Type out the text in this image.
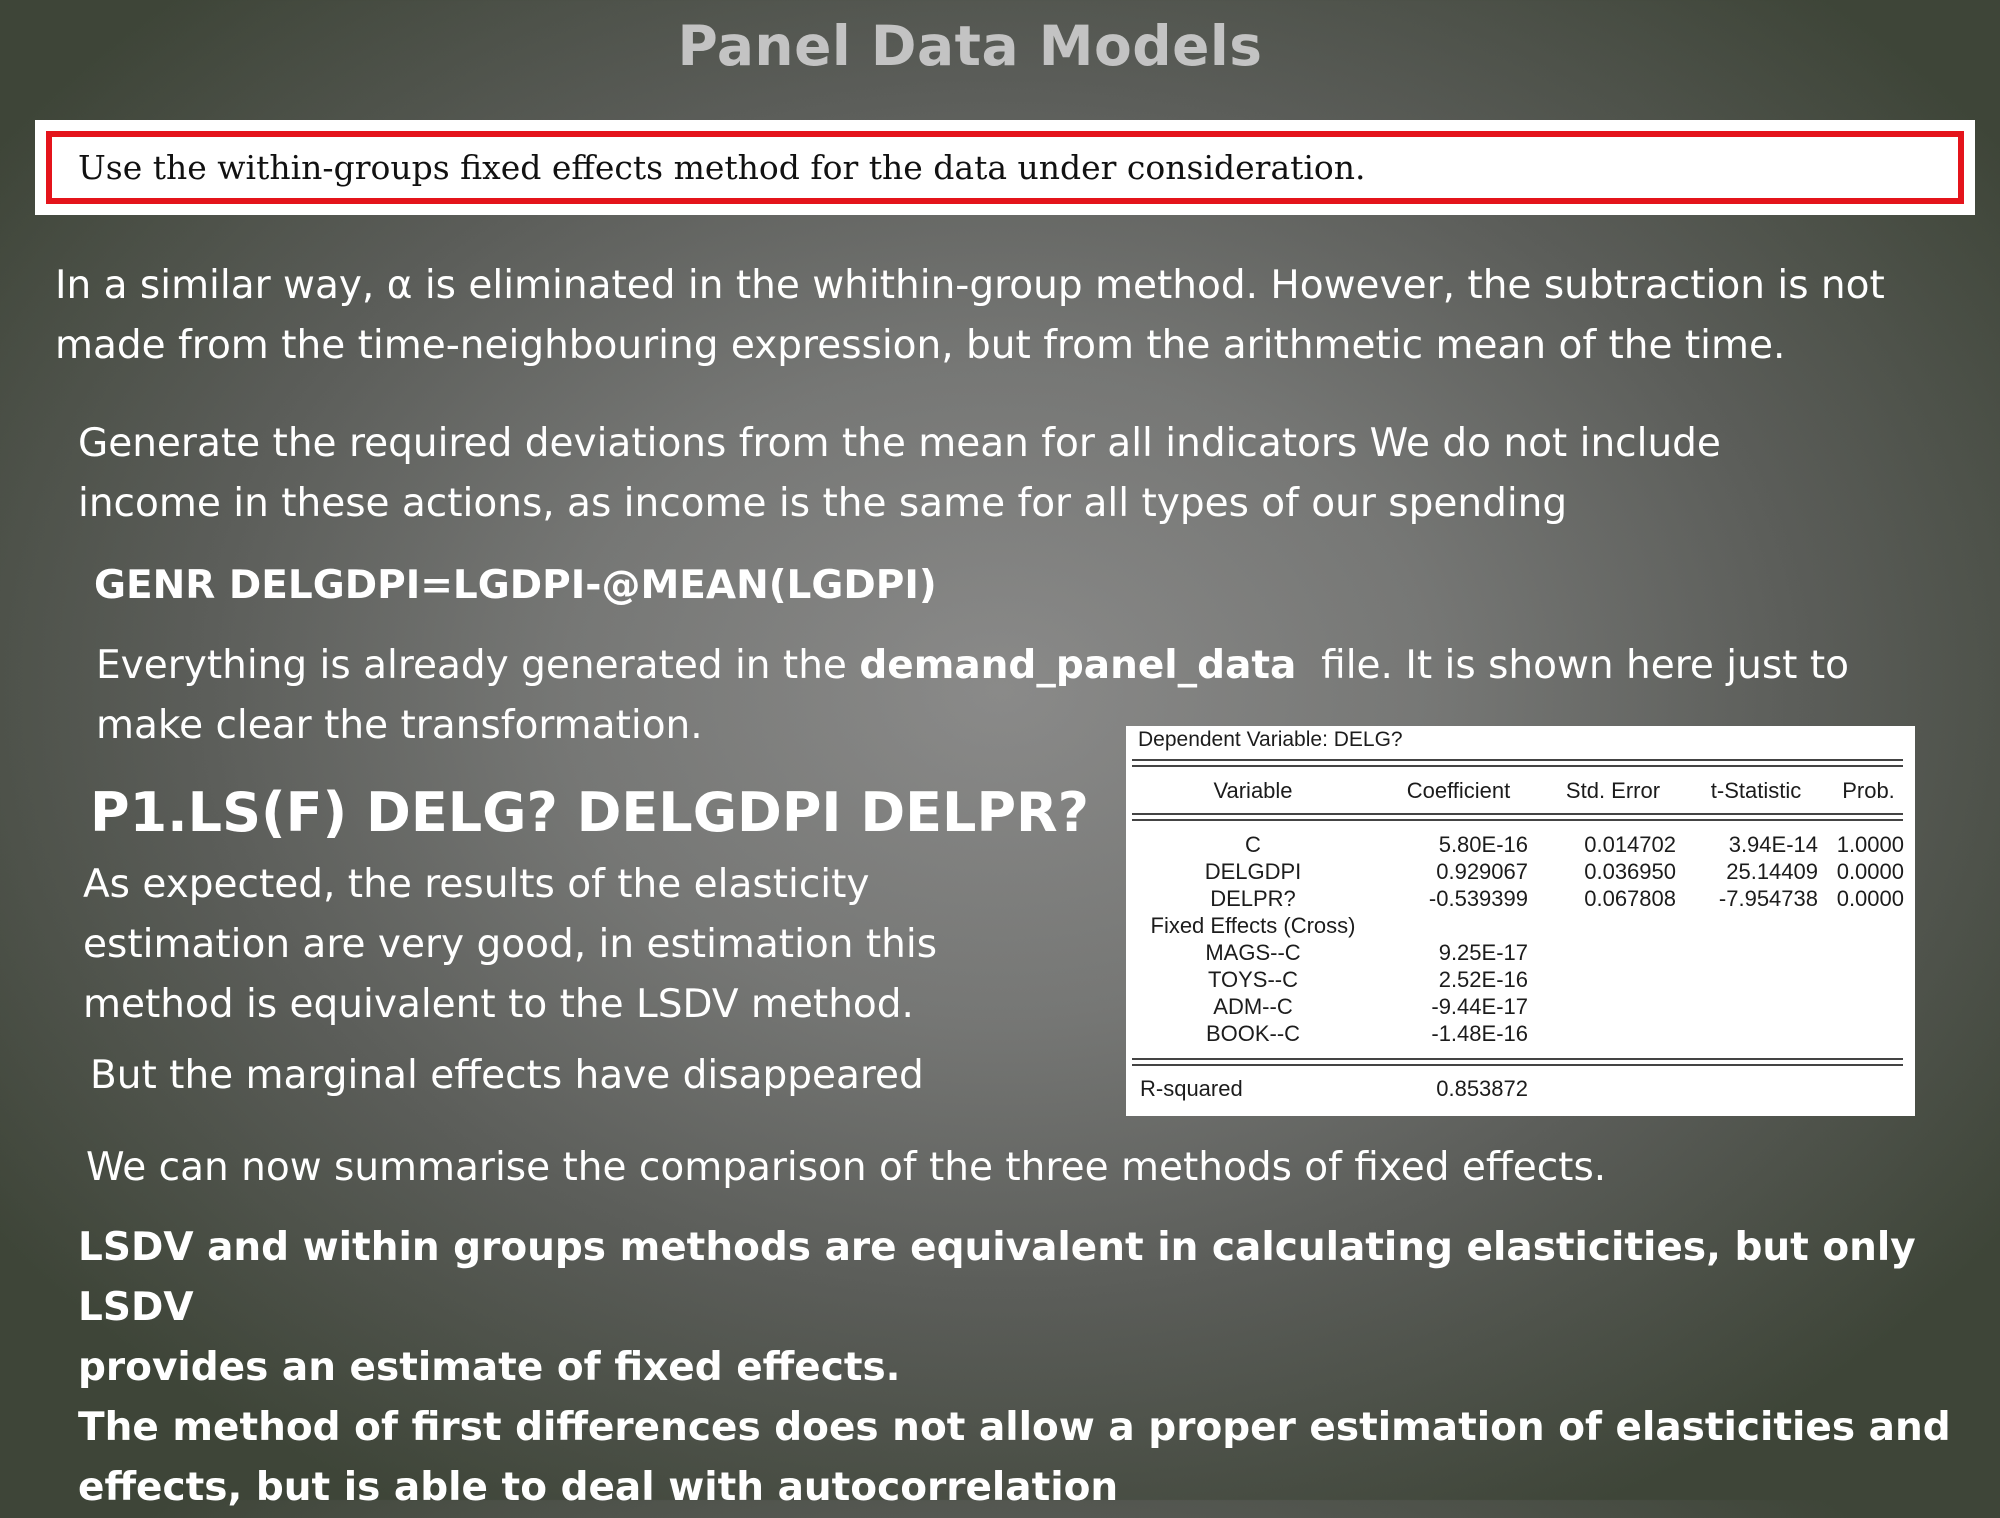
Panel Data Models
Use the within-groups fixed effects method for the data under consideration.
In a similar way, α is eliminated in the whithin-group method. However, the subtraction is not
made from the time-neighbouring expression, but from the arithmetic mean of the time.
Generate the required deviations from the mean for all indicators We do not include
income in these actions, as income is the same for all types of our spending
GENR DELGDPI=LGDPI-@MEAN(LGDPI)
Everything is already generated in the demand_panel_data  file. It is shown here just to
make clear the transformation.
P1.LS(F) DELG? DELGDPI DELPR?
As expected, the results of the elasticity
estimation are very good, in estimation this
method is equivalent to the LSDV method.
But the marginal effects have disappeared
We can now summarise the comparison of the three methods of fixed effects.
LSDV and within groups methods are equivalent in calculating elasticities, but only LSDV
provides an estimate of fixed effects.
The method of first differences does not allow a proper estimation of elasticities and
effects, but is able to deal with autocorrelation
Dependent Variable: DELG?
Variable	Coefficient	Std. Error	t-Statistic	Prob.
C	5.80E-16	0.014702	3.94E-14 1.0000
DELGDPI	0.929067	0.036950	25.14409 0.0000
DELPR?	-0.539399	0.067808	-7.954738 0.0000
Fixed Effects (Cross)
MAGS--C	9.25E-17
TOYS--C	2.52E-16
ADM--C	-9.44E-17
BOOK--C	-1.48E-16
R-squared	0.853872
